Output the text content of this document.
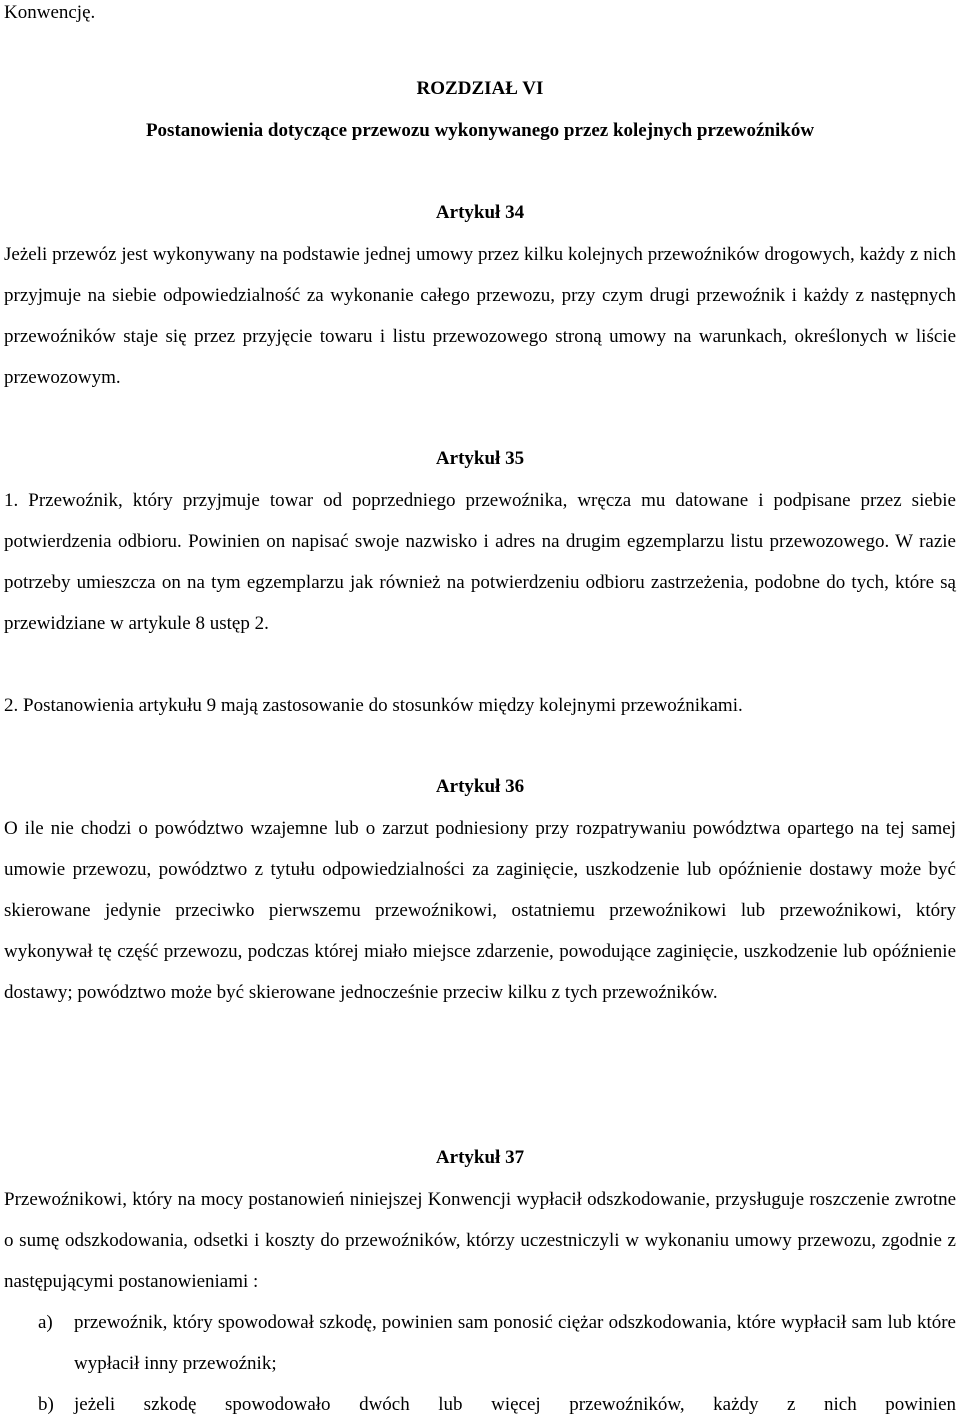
Konwencję.
ROZDZIAŁ VI
Postanowienia dotyczące przewozu wykonywanego przez kolejnych przewoźników
Artykuł 34

Jeżeli przewóz jest wykonywany na podstawie jednej umowy przez kilku kolejnych przewoźników drogowych, każdy z nich przyjmuje na siebie odpowiedzialność za wykonanie całego przewozu, przy czym drugi przewoźnik i każdy z następnych przewoźników staje się przez przyjęcie towaru i listu przewozowego stroną umowy na warunkach, określonych w liście przewozowym.

Artykuł 35

1. Przewoźnik, który przyjmuje towar od poprzedniego przewoźnika, wręcza mu datowane i podpisane przez siebie potwierdzenia odbioru. Powinien on napisać swoje nazwisko i adres na drugim egzemplarzu listu przewozowego. W razie potrzeby umieszcza on na tym egzemplarzu jak również na potwierdzeniu odbioru zastrzeżenia, podobne do tych, które są przewidziane w artykule 8 ustęp 2.

2. Postanowienia artykułu 9 mają zastosowanie do stosunków między kolejnymi przewoźnikami.

Artykuł 36

O ile nie chodzi o powództwo wzajemne lub o zarzut podniesiony przy rozpatrywaniu powództwa opartego na tej samej umowie przewozu, powództwo z tytułu odpowiedzialności za zaginięcie, uszkodzenie lub opóźnienie dostawy może być skierowane jedynie przeciwko pierwszemu przewoźnikowi, ostatniemu przewoźnikowi lub przewoźnikowi, który wykonywał tę część przewozu, podczas której miało miejsce zdarzenie, powodujące zaginięcie, uszkodzenie lub opóźnienie dostawy; powództwo może być skierowane jednocześnie przeciw kilku z tych przewoźników.

Artykuł 37

Przewoźnikowi, który na mocy postanowień niniejszej Konwencji wypłacił odszkodowanie, przysługuje roszczenie zwrotne o sumę odszkodowania, odsetki i koszty do przewoźników, którzy uczestniczyli w wykonaniu umowy przewozu, zgodnie z następującymi postanowieniami :

a) przewoźnik, który spowodował szkodę, powinien sam ponosić ciężar odszkodowania, które wypłacił sam lub które wypłacił inny przewoźnik;

b) jeżeli szkodę spowodowało dwóch lub więcej przewoźników, każdy z nich powinien
